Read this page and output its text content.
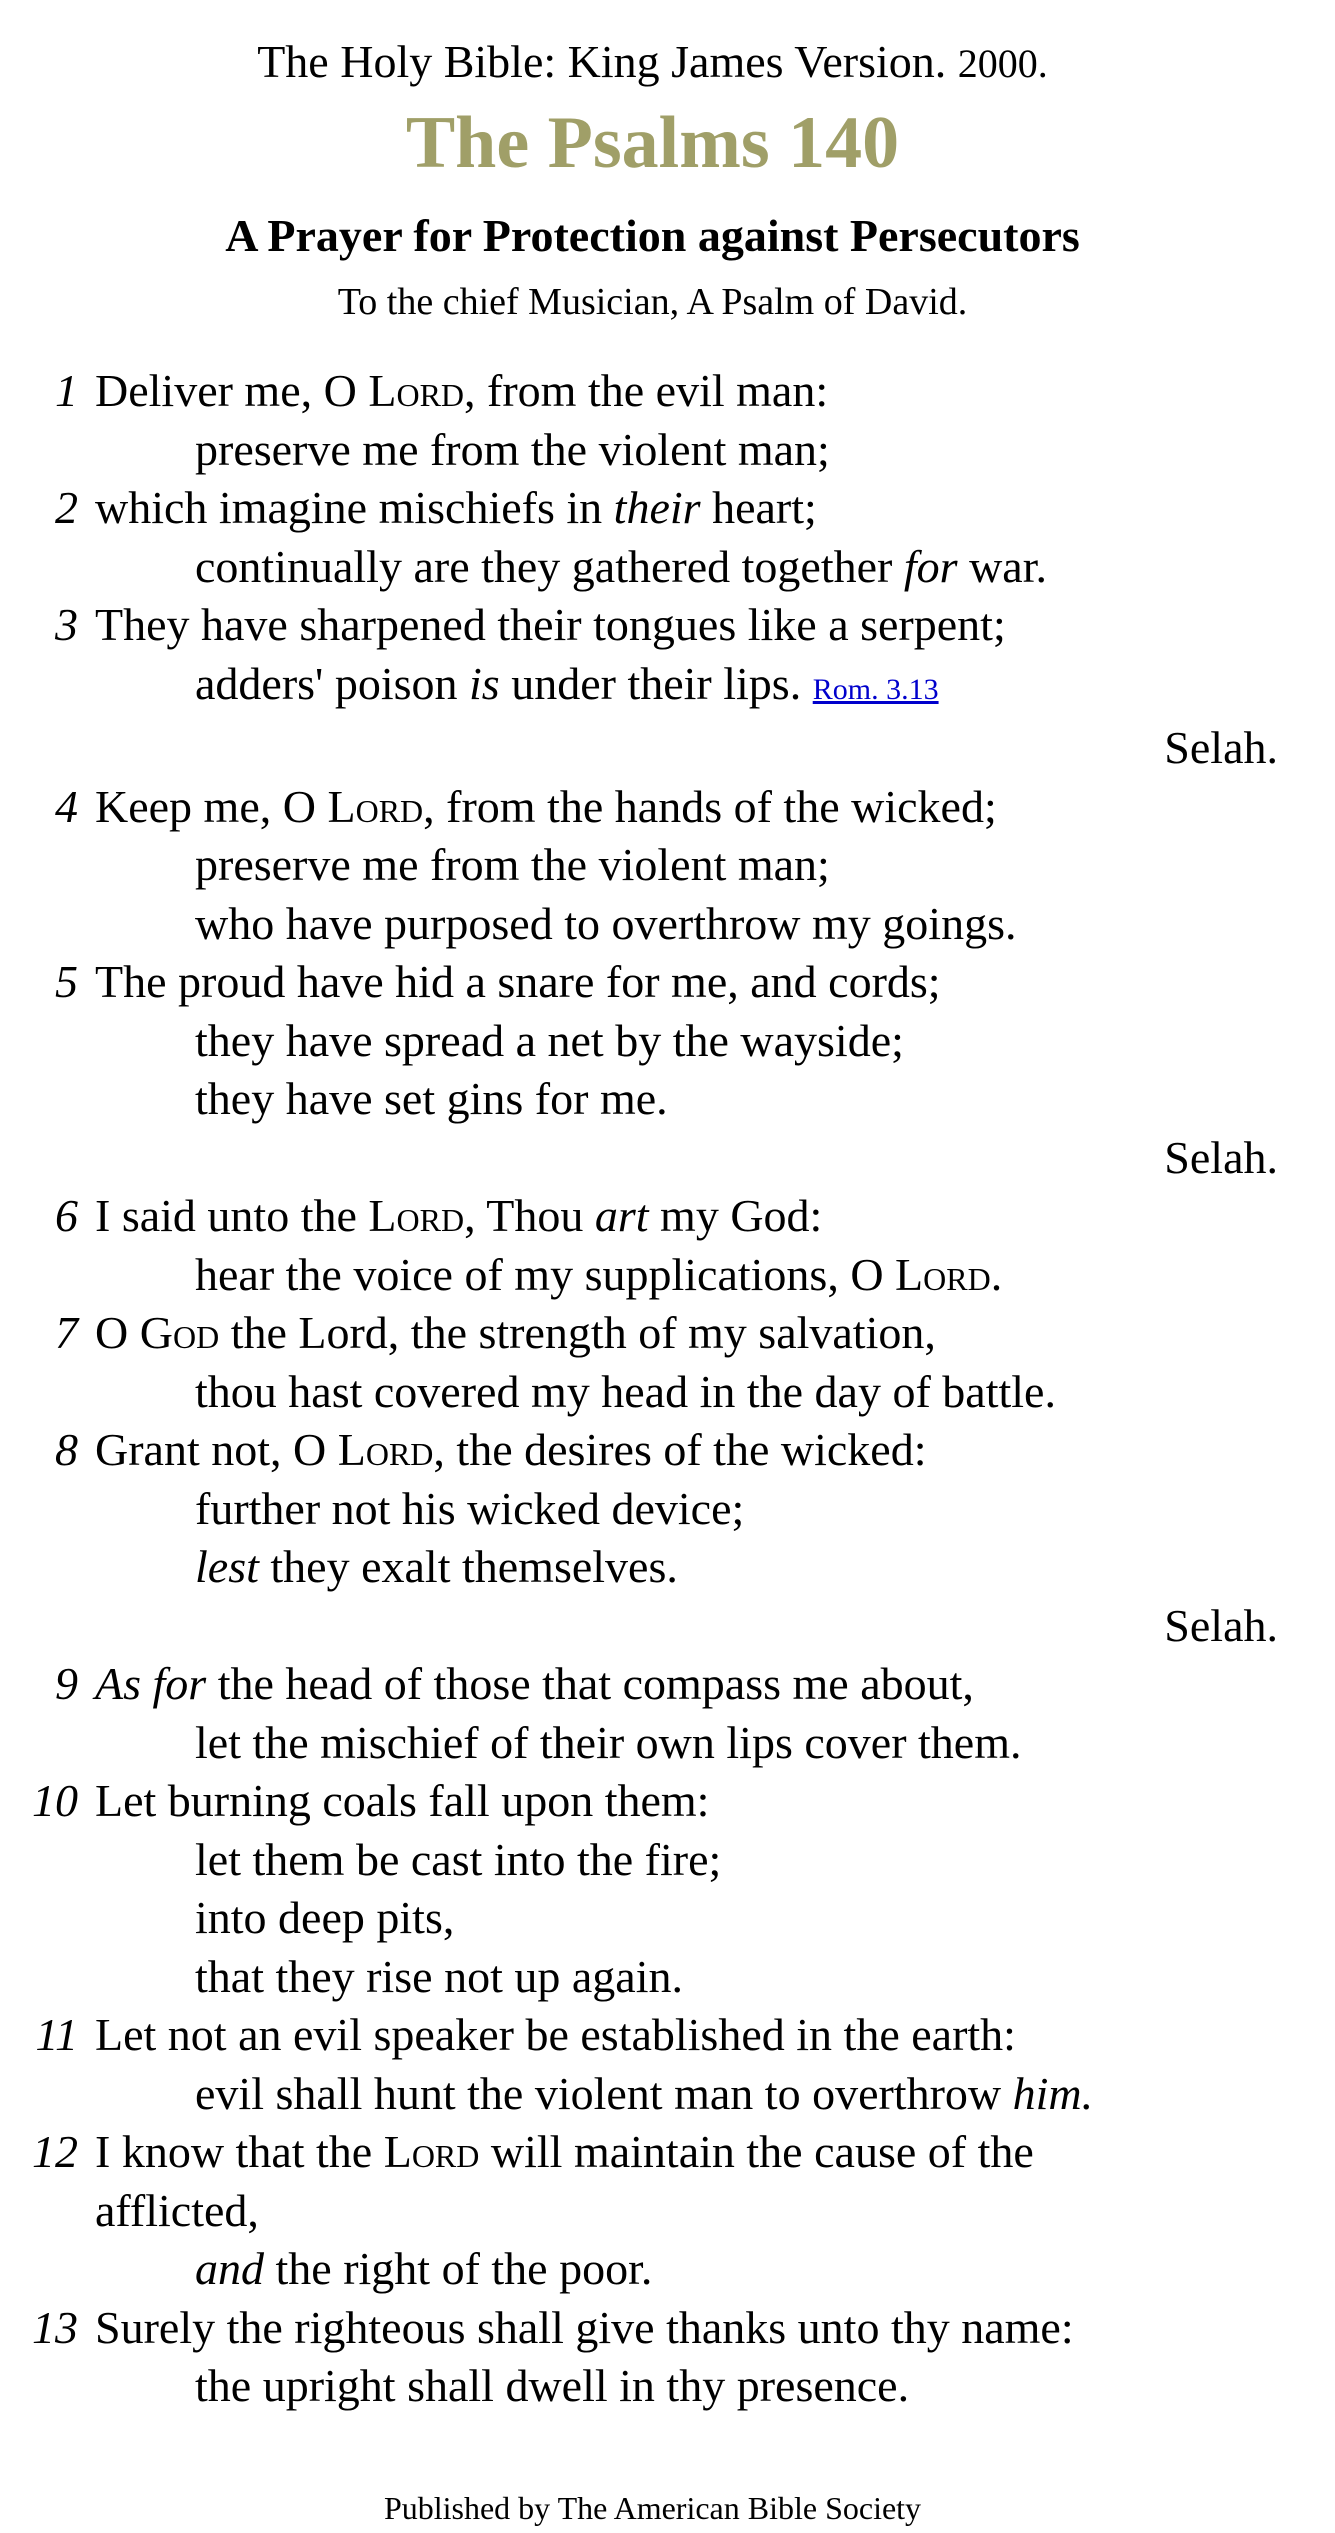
The Holy Bible: King James Version. 2000.
The Psalms 140
A Prayer for Protection against Persecutors
To the chief Musician, A Psalm of David.
1 Deliver me, O Lord, from the evil man:
preserve me from the violent man;
2 which imagine mischiefs in their heart;
continually are they gathered together for war.
3 They have sharpened their tongues like a serpent;
adders' poison is under their lips. Rom. 3.13
Selah.
4 Keep me, O Lord, from the hands of the wicked;
preserve me from the violent man;
who have purposed to overthrow my goings.
5 The proud have hid a snare for me, and cords;
they have spread a net by the wayside;
they have set gins for me.
Selah.
6 I said unto the Lord, Thou art my God:
hear the voice of my supplications, O Lord.
7 O God the Lord, the strength of my salvation,
thou hast covered my head in the day of battle.
8 Grant not, O Lord, the desires of the wicked:
further not his wicked device;
lest they exalt themselves.
Selah.
9 As for the head of those that compass me about,
let the mischief of their own lips cover them.
10 Let burning coals fall upon them:
let them be cast into the fire;
into deep pits,
that they rise not up again.
11 Let not an evil speaker be established in the earth:
evil shall hunt the violent man to overthrow him.
12 I know that the Lord will maintain the cause of the
afflicted,
and the right of the poor.
13 Surely the righteous shall give thanks unto thy name:
the upright shall dwell in thy presence.
Published by The American Bible Society
